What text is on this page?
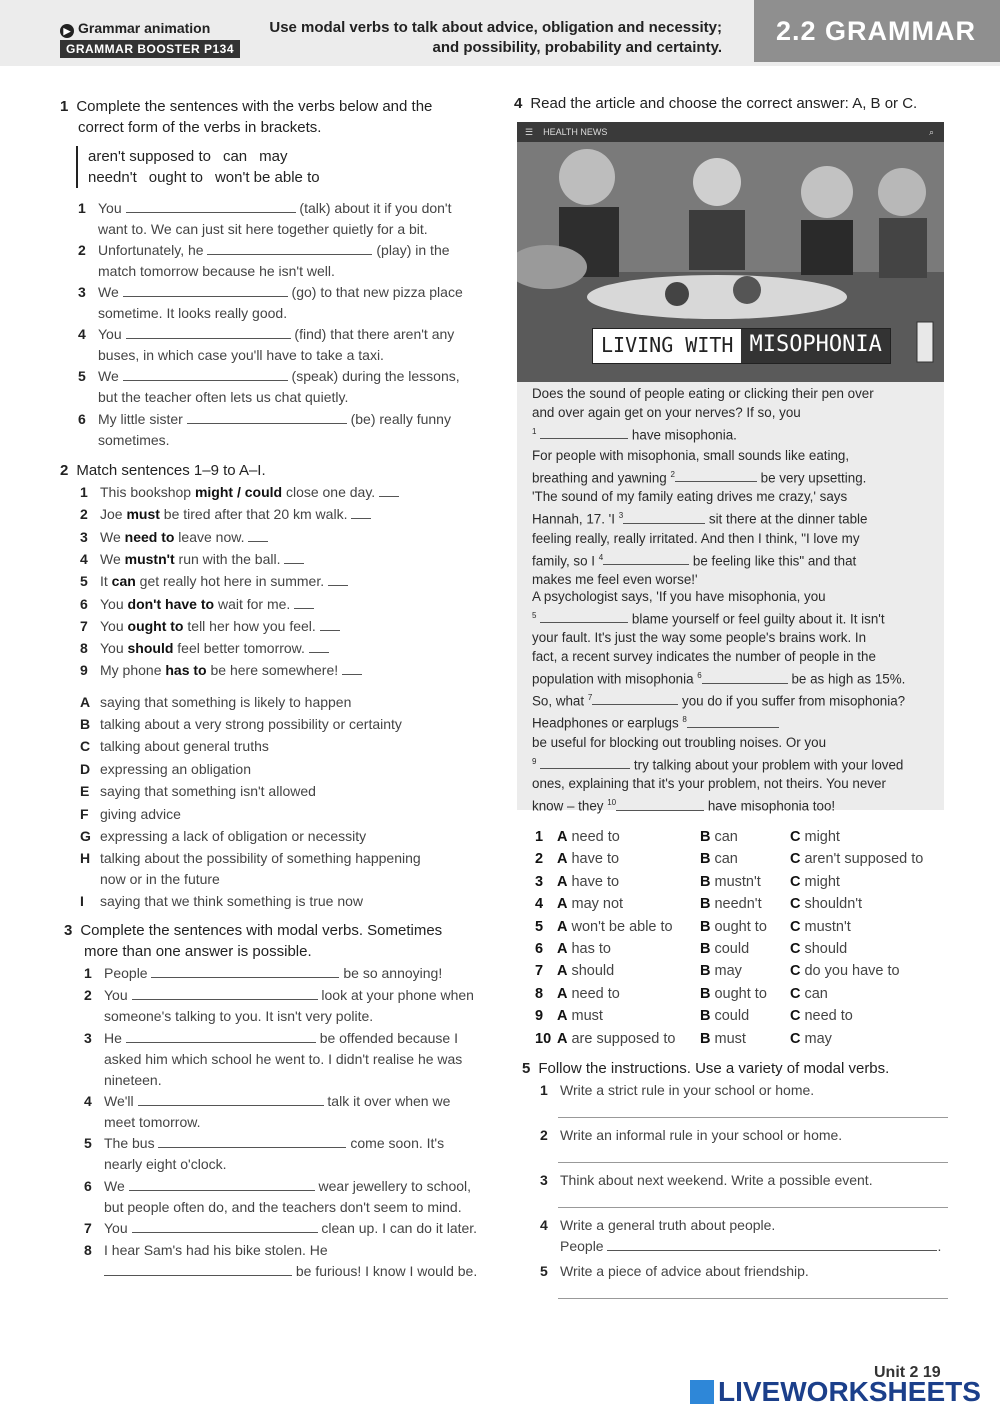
▶ Grammar animation
GRAMMAR BOOSTER P134
Use modal verbs to talk about advice, obligation and necessity;
and possibility, probability and certainty.
2.2 GRAMMAR
1 Complete the sentences with the verbs below and the
correct form of the verbs in brackets.
aren't supposed to can may
needn't ought to won't be able to
1 You	(talk) about it if you don't
want to. We can just sit here together quietly for a bit.
2 Unfortunately, he	(play) in the
match tomorrow because he isn't well.
3 We	(go) to that new pizza place
sometime. It looks really good.
4 You	(find) that there aren't any
buses, in which case you'll have to take a taxi.
5 We	(speak) during the lessons,
but the teacher often lets us chat quietly.
6 My little sister	(be) really funny
sometimes.
2 Match sentences 1–9 to A–I.
1 This bookshop might / could close one day.
2 Joe must be tired after that 20 km walk.
3 We need to leave now.
4 We mustn't run with the ball.
5 It can get really hot here in summer.
6 You don't have to wait for me.
7 You ought to tell her how you feel.
8 You should feel better tomorrow.
9 My phone has to be here somewhere!
A saying that something is likely to happen
B talking about a very strong possibility or certainty
C talking about general truths
D expressing an obligation
E saying that something isn't allowed
F giving advice
G expressing a lack of obligation or necessity
H talking about the possibility of something happening
now or in the future
I saying that we think something is true now
3 Complete the sentences with modal verbs. Sometimes
more than one answer is possible.
1 People	be so annoying!
2 You	look at your phone when
someone's talking to you. It isn't very polite.
3 He	be offended because I
asked him which school he went to. I didn't realise he was
nineteen.
4 We'll	talk it over when we
meet tomorrow.
5 The bus	come soon. It's
nearly eight o'clock.
6 We	wear jewellery to school,
but people often do, and the teachers don't seem to mind.
7 You	clean up. I can do it later.
8 I hear Sam's had his bike stolen. He
be furious! I know I would be.
4 Read the article and choose the correct answer: A, B or C.
☰ HEALTH NEWS	⌕
LIVING WITH MISOPHONIA
Does the sound of people eating or clicking their pen over
and over again get on your nerves? If so, you
$^1$	have misophonia.
For people with misophonia, small sounds like eating,
breathing and yawning $^2$	be very upsetting.
'The sound of my family eating drives me crazy,' says
Hannah, 17. 'I $^3$	sit there at the dinner table
feeling really, really irritated. And then I think, "I love my
family, so I $^4$	be feeling like this" and that
makes me feel even worse!'
A psychologist says, 'If you have misophonia, you
$^5$	blame yourself or feel guilty about it. It isn't
your fault. It's just the way some people's brains work. In
fact, a recent survey indicates the number of people in the
population with misophonia $^6$	be as high as 15%.
So, what $^7$	you do if you suffer from misophonia?
Headphones or earplugs $^8$
be useful for blocking out troubling noises. Or you
$^9$	try talking about your problem with your loved
ones, explaining that it's your problem, not theirs. You never
know – they $^{10}$	have misophonia too!
1 A need to	B can	C might
2 A have to	B can	C aren't supposed to
3 A have to	B mustn't C might
4 A may not	B needn't C shouldn't
5 A won't be able to B ought to C mustn't
6 A has to	B could	C should
7 A should	B may	C do you have to
8 A need to	B ought to C can
9 A must	B could	C need to
10 A are supposed to B must	C may
5 Follow the instructions. Use a variety of modal verbs.
1 Write a strict rule in your school or home.
2 Write an informal rule in your school or home.
3 Think about next weekend. Write a possible event.
4 Write a general truth about people.
People	.
5 Write a piece of advice about friendship.
Unit 2 19
LIVEWORKSHEETS
